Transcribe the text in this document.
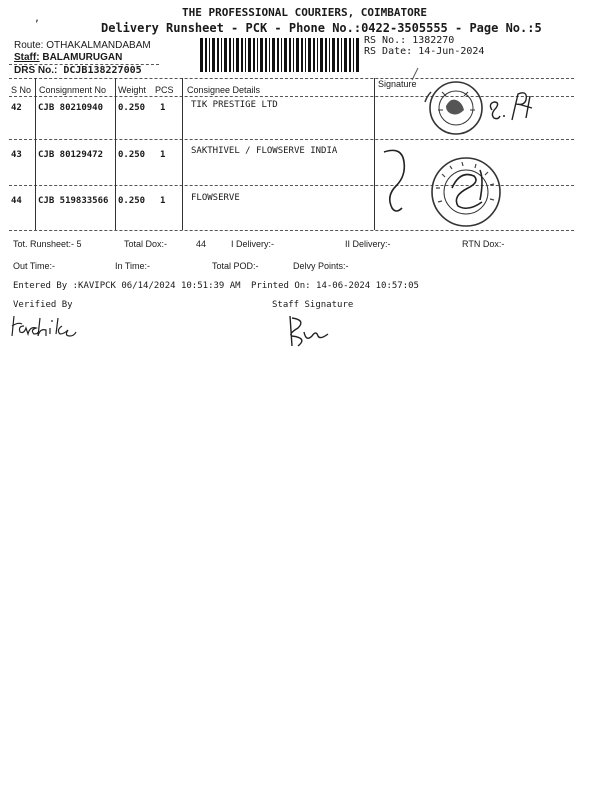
THE PROFESSIONAL COURIERS, COIMBATORE
Delivery Runsheet - PCK - Phone No.:0422-3505555 - Page No.:5
,
Route: OTHAKALMANDABAM
Staff: BALAMURUGAN
DRS No.: DCJB138227005
RS No.: 1382270
RS Date: 14-Jun-2024
S No Consignment No Weight PCS Consignee Details
Signature
42 CJB 80210940 0.250 1	TIK PRESTIGE LTD
43 CJB 80129472 0.250 1	SAKTHIVEL / FLOWSERVE INDIA
44 CJB 519833566 0.250 1	FLOWSERVE
Tot. Runsheet:- 5	Total Dox:-	44	I Delivery:-	II Delivery:-	RTN Dox:-
Out Time:-	In Time:-	Total POD:-	Delvy Points:-
Entered By :KAVIPCK 06/14/2024 10:51:39 AM Printed On: 14-06-2024 10:57:05
Verified By	Staff Signature
